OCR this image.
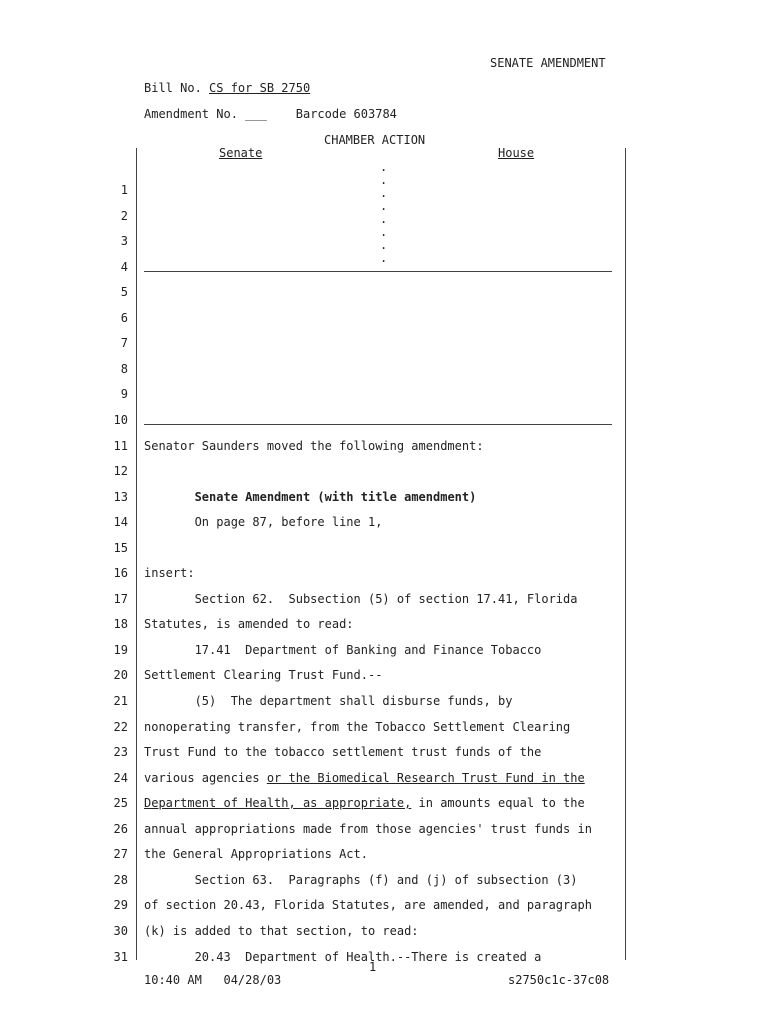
SENATE AMENDMENT
Bill No. CS for SB 2750
Amendment No. ___ Barcode 603784
CHAMBER ACTION
Senate	House
.
.
.
.
.
.
.
.
1
2
3
4
5
6
7
8
9
10
11 Senator Saunders moved the following amendment:
12
13	Senate Amendment (with title amendment)
14 On page 87, before line 1,
15
16 insert:
17 Section 62.  Subsection (5) of section 17.41, Florida
18 Statutes, is amended to read:
19 17.41  Department of Banking and Finance Tobacco
20 Settlement Clearing Trust Fund.--
21 (5)  The department shall disburse funds, by
22 nonoperating transfer, from the Tobacco Settlement Clearing
23 Trust Fund to the tobacco settlement trust funds of the
24 various agencies or the Biomedical Research Trust Fund in the
25 Department of Health, as appropriate, in amounts equal to the
26 annual appropriations made from those agencies' trust funds in
27 the General Appropriations Act.
28 Section 63.  Paragraphs (f) and (j) of subsection (3)
29 of section 20.43, Florida Statutes, are amended, and paragraph
30 (k) is added to that section, to read:
31 20.43  Department of Health.--There is created a
10:40 AM 04/28/03
1
s2750c1c-37c08
